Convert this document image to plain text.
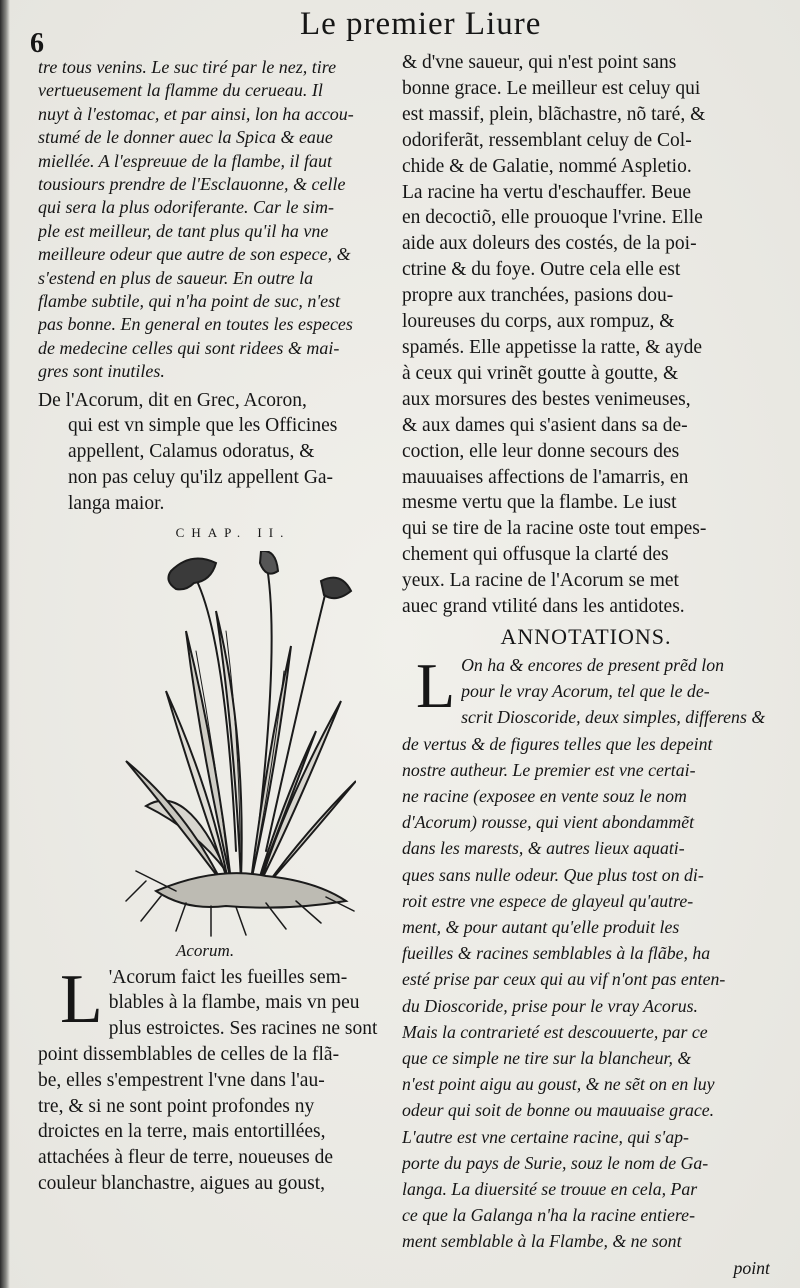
6
Le premier Liure
tre tous venins. Le suc tiré par le nez, tire
vertueusement la flamme du cerueau. Il
nuyt à l'estomac, et par ainsi, lon ha accou-
stumé de le donner auec la Spica & eaue
miellée. A l'espreuue de la flambe, il faut
tousiours prendre de l'Esclauonne, & celle
qui sera la plus odoriferante. Car le sim-
ple est meilleur, de tant plus qu'il ha vne
meilleure odeur que autre de son espece, &
s'estend en plus de saueur. En outre la
flambe subtile, qui n'ha point de suc, n'est
pas bonne. En general en toutes les especes
de medecine celles qui sont ridees & mai-
gres sont inutiles.
De l'Acorum, dit en Grec, Acoron,
qui est vn simple que les Officines
appellent, Calamus odoratus, &
non pas celuy qu'ilz appellent Ga-
langa maior.
CHAP. II.
Acorum.
L 'Acorum faict les fueilles sem-
blables à la flambe, mais vn peu
plus estroictes. Ses racines ne sont
point dissemblables de celles de la flã-
be, elles s'empestrent l'vne dans l'au-
tre, & si ne sont point profondes ny
droictes en la terre, mais entortillées,
attachées à fleur de terre, noueuses de
couleur blanchastre, aigues au goust,
& d'vne saueur, qui n'est point sans
bonne grace. Le meilleur est celuy qui
est massif, plein, blãchastre, nõ taré, &
odoriferãt, ressemblant celuy de Col-
chide & de Galatie, nommé Aspletio.
La racine ha vertu d'eschauffer. Beue
en decoctiõ, elle prouoque l'vrine. Elle
aide aux doleurs des costés, de la poi-
ctrine & du foye. Outre cela elle est
propre aux tranchées, pasions dou-
loureuses du corps, aux rompuz, &
spamés. Elle appetisse la ratte, & ayde
à ceux qui vrinẽt goutte à goutte, &
aux morsures des bestes venimeuses,
& aux dames qui s'asient dans sa de-
coction, elle leur donne secours des
mauuaises affections de l'amarris, en
mesme vertu que la flambe. Le iust
qui se tire de la racine oste tout empes-
chement qui offusque la clarté des
yeux. La racine de l'Acorum se met
auec grand vtilité dans les antidotes.
ANNOTATIONS.
L On ha & encores de present prẽd lon
pour le vray Acorum, tel que le de-
scrit Dioscoride, deux simples, differens &
de vertus & de figures telles que les depeint
nostre autheur. Le premier est vne certai-
ne racine (exposee en vente souz le nom
d'Acorum) rousse, qui vient abondammẽt
dans les marests, & autres lieux aquati-
ques sans nulle odeur. Que plus tost on di-
roit estre vne espece de glayeul qu'autre-
ment, & pour autant qu'elle produit les
fueilles & racines semblables à la flãbe, ha
esté prise par ceux qui au vif n'ont pas enten-
du Dioscoride, prise pour le vray Acorus.
Mais la contrarieté est descouuerte, par ce
que ce simple ne tire sur la blancheur, &
n'est point aigu au goust, & ne sẽt on en luy
odeur qui soit de bonne ou mauuaise grace.
L'autre est vne certaine racine, qui s'ap-
porte du pays de Surie, souz le nom de Ga-
langa. La diuersité se trouue en cela, Par
ce que la Galanga n'ha la racine entiere-
ment semblable à la Flambe, & ne sont
point
